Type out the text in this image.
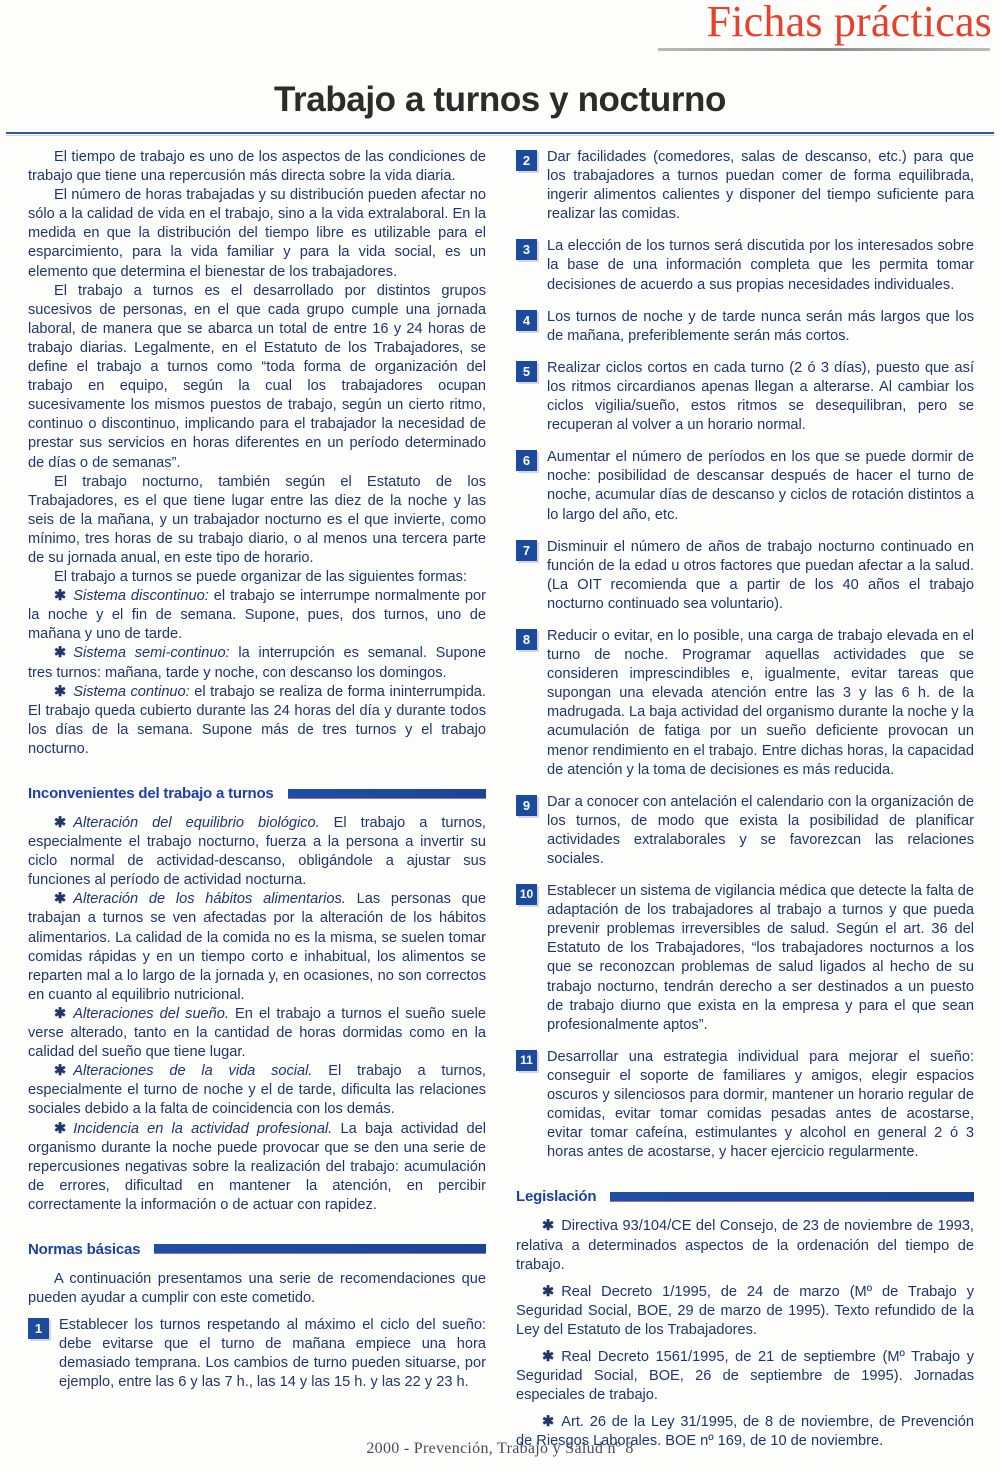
Fichas prácticas
Trabajo a turnos y nocturno

El tiempo de trabajo es uno de los aspectos de las condiciones de trabajo que tiene una repercusión más directa sobre la vida diaria.

El número de horas trabajadas y su distribución pueden afectar no sólo a la calidad de vida en el trabajo, sino a la vida extralaboral. En la medida en que la distribución del tiempo libre es utilizable para el esparcimiento, para la vida familiar y para la vida social, es un elemento que determina el bienestar de los trabajadores.

El trabajo a turnos es el desarrollado por distintos grupos sucesivos de personas, en el que cada grupo cumple una jornada laboral, de manera que se abarca un total de entre 16 y 24 horas de trabajo diarias. Legalmente, en el Estatuto de los Trabajadores, se define el trabajo a turnos como “toda forma de organización del trabajo en equipo, según la cual los trabajadores ocupan sucesivamente los mismos puestos de trabajo, según un cierto ritmo, continuo o discontinuo, implicando para el trabajador la necesidad de prestar sus servicios en horas diferentes en un período determinado de días o de semanas”.

El trabajo nocturno, también según el Estatuto de los Trabajadores, es el que tiene lugar entre las diez de la noche y las seis de la mañana, y un trabajador nocturno es el que invierte, como mínimo, tres horas de su trabajo diario, o al menos una tercera parte de su jornada anual, en este tipo de horario.

El trabajo a turnos se puede organizar de las siguientes formas:

✱ Sistema discontinuo: el trabajo se interrumpe normalmente por la noche y el fin de semana. Supone, pues, dos turnos, uno de mañana y uno de tarde.

✱ Sistema semi-continuo: la interrupción es semanal. Supone tres turnos: mañana, tarde y noche, con descanso los domingos.

✱ Sistema continuo: el trabajo se realiza de forma ininterrumpida. El trabajo queda cubierto durante las 24 horas del día y durante todos los días de la semana. Supone más de tres turnos y el trabajo nocturno.

Inconvenientes del trabajo a turnos

✱ Alteración del equilibrio biológico. El trabajo a turnos, especialmente el trabajo nocturno, fuerza a la persona a invertir su ciclo normal de actividad-descanso, obligándole a ajustar sus funciones al período de actividad nocturna.

✱ Alteración de los hábitos alimentarios. Las personas que trabajan a turnos se ven afectadas por la alteración de los hábitos alimentarios. La calidad de la comida no es la misma, se suelen tomar comidas rápidas y en un tiempo corto e inhabitual, los alimentos se reparten mal a lo largo de la jornada y, en ocasiones, no son correctos en cuanto al equilibrio nutricional.

✱ Alteraciones del sueño. En el trabajo a turnos el sueño suele verse alterado, tanto en la cantidad de horas dormidas como en la calidad del sueño que tiene lugar.

✱ Alteraciones de la vida social. El trabajo a turnos, especialmente el turno de noche y el de tarde, dificulta las relaciones sociales debido a la falta de coincidencia con los demás.

✱ Incidencia en la actividad profesional. La baja actividad del organismo durante la noche puede provocar que se den una serie de repercusiones negativas sobre la realización del trabajo: acumulación de errores, dificultad en mantener la atención, en percibir correctamente la información o de actuar con rapidez.

Normas básicas

A continuación presentamos una serie de recomendaciones que pueden ayudar a cumplir con este cometido.

1	Establecer los turnos respetando al máximo el ciclo del sueño: debe evitarse que el turno de mañana empiece una hora demasiado temprana. Los cambios de turno pueden situarse, por ejemplo, entre las 6 y las 7 h., las 14 y las 15 h. y las 22 y 23 h.
2	Dar facilidades (comedores, salas de descanso, etc.) para que los trabajadores a turnos puedan comer de forma equilibrada, ingerir alimentos calientes y disponer del tiempo suficiente para realizar las comidas.
3	La elección de los turnos será discutida por los interesados sobre la base de una información completa que les permita tomar decisiones de acuerdo a sus propias necesidades individuales.
4	Los turnos de noche y de tarde nunca serán más largos que los de mañana, preferiblemente serán más cortos.
5	Realizar ciclos cortos en cada turno (2 ó 3 días), puesto que así los ritmos circardianos apenas llegan a alterarse. Al cambiar los ciclos vigilia/sueño, estos ritmos se desequilibran, pero se recuperan al volver a un horario normal.
6	Aumentar el número de períodos en los que se puede dormir de noche: posibilidad de descansar después de hacer el turno de noche, acumular días de descanso y ciclos de rotación distintos a lo largo del año, etc.
7	Disminuir el número de años de trabajo nocturno continuado en función de la edad u otros factores que puedan afectar a la salud. (La OIT recomienda que a partir de los 40 años el trabajo nocturno continuado sea voluntario).
8	Reducir o evitar, en lo posible, una carga de trabajo elevada en el turno de noche. Programar aquellas actividades que se consideren imprescindibles e, igualmente, evitar tareas que supongan una elevada atención entre las 3 y las 6 h. de la madrugada. La baja actividad del organismo durante la noche y la acumulación de fatiga por un sueño deficiente provocan un menor rendimiento en el trabajo. Entre dichas horas, la capacidad de atención y la toma de decisiones es más reducida.
9	Dar a conocer con antelación el calendario con la organización de los turnos, de modo que exista la posibilidad de planificar actividades extralaborales y se favorezcan las relaciones sociales.
10 Establecer un sistema de vigilancia médica que detecte la falta de adaptación de los trabajadores al trabajo a turnos y que pueda prevenir problemas irreversibles de salud. Según el art. 36 del Estatuto de los Trabajadores, “los trabajadores nocturnos a los que se reconozcan problemas de salud ligados al hecho de su trabajo nocturno, tendrán derecho a ser destinados a un puesto de trabajo diurno que exista en la empresa y para el que sean profesionalmente aptos”.
11 Desarrollar una estrategia individual para mejorar el sueño: conseguir el soporte de familiares y amigos, elegir espacios oscuros y silenciosos para dormir, mantener un horario regular de comidas, evitar tomar comidas pesadas antes de acostarse, evitar tomar cafeína, estimulantes y alcohol en general 2 ó 3 horas antes de acostarse, y hacer ejercicio regularmente.
Legislación

✱ Directiva 93/104/CE del Consejo, de 23 de noviembre de 1993, relativa a determinados aspectos de la ordenación del tiempo de trabajo.

✱ Real Decreto 1/1995, de 24 de marzo (Mº de Trabajo y Seguridad Social, BOE, 29 de marzo de 1995). Texto refundido de la Ley del Estatuto de los Trabajadores.

✱ Real Decreto 1561/1995, de 21 de septiembre (Mº Trabajo y Seguridad Social, BOE, 26 de septiembre de 1995). Jornadas especiales de trabajo.

✱ Art. 26 de la Ley 31/1995, de 8 de noviembre, de Prevención de Riesgos Laborales. BOE nº 169, de 10 de noviembre.

2000 - Prevención, Trabajo y Salud nº 8
